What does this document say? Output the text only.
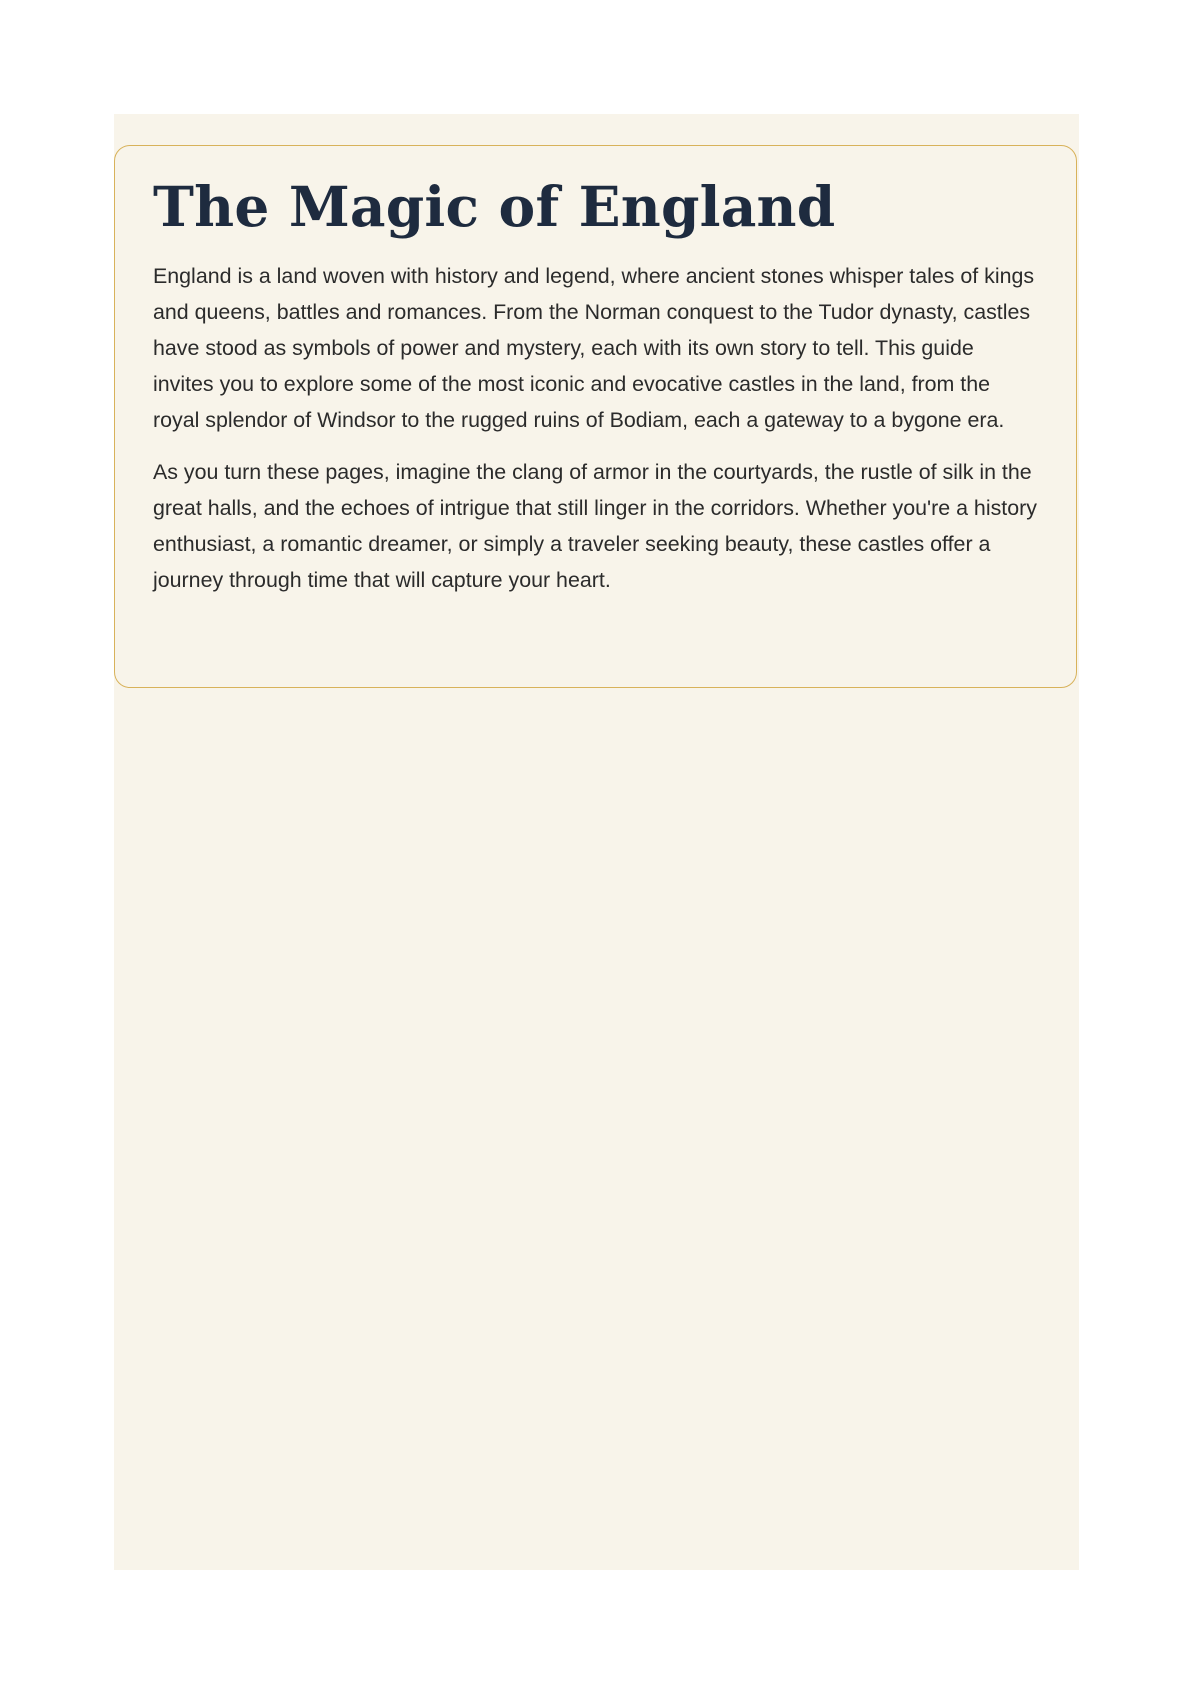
The Magic of England

England is a land woven with history and legend, where ancient stones whisper tales of kings and queens, battles and romances. From the Norman conquest to the Tudor dynasty, castles have stood as symbols of power and mystery, each with its own story to tell. This guide invites you to explore some of the most iconic and evocative castles in the land, from the royal splendor of Windsor to the rugged ruins of Bodiam, each a gateway to a bygone era.

As you turn these pages, imagine the clang of armor in the courtyards, the rustle of silk in the great halls, and the echoes of intrigue that still linger in the corridors. Whether you're a history enthusiast, a romantic dreamer, or simply a traveler seeking beauty, these castles offer a journey through time that will capture your heart.
